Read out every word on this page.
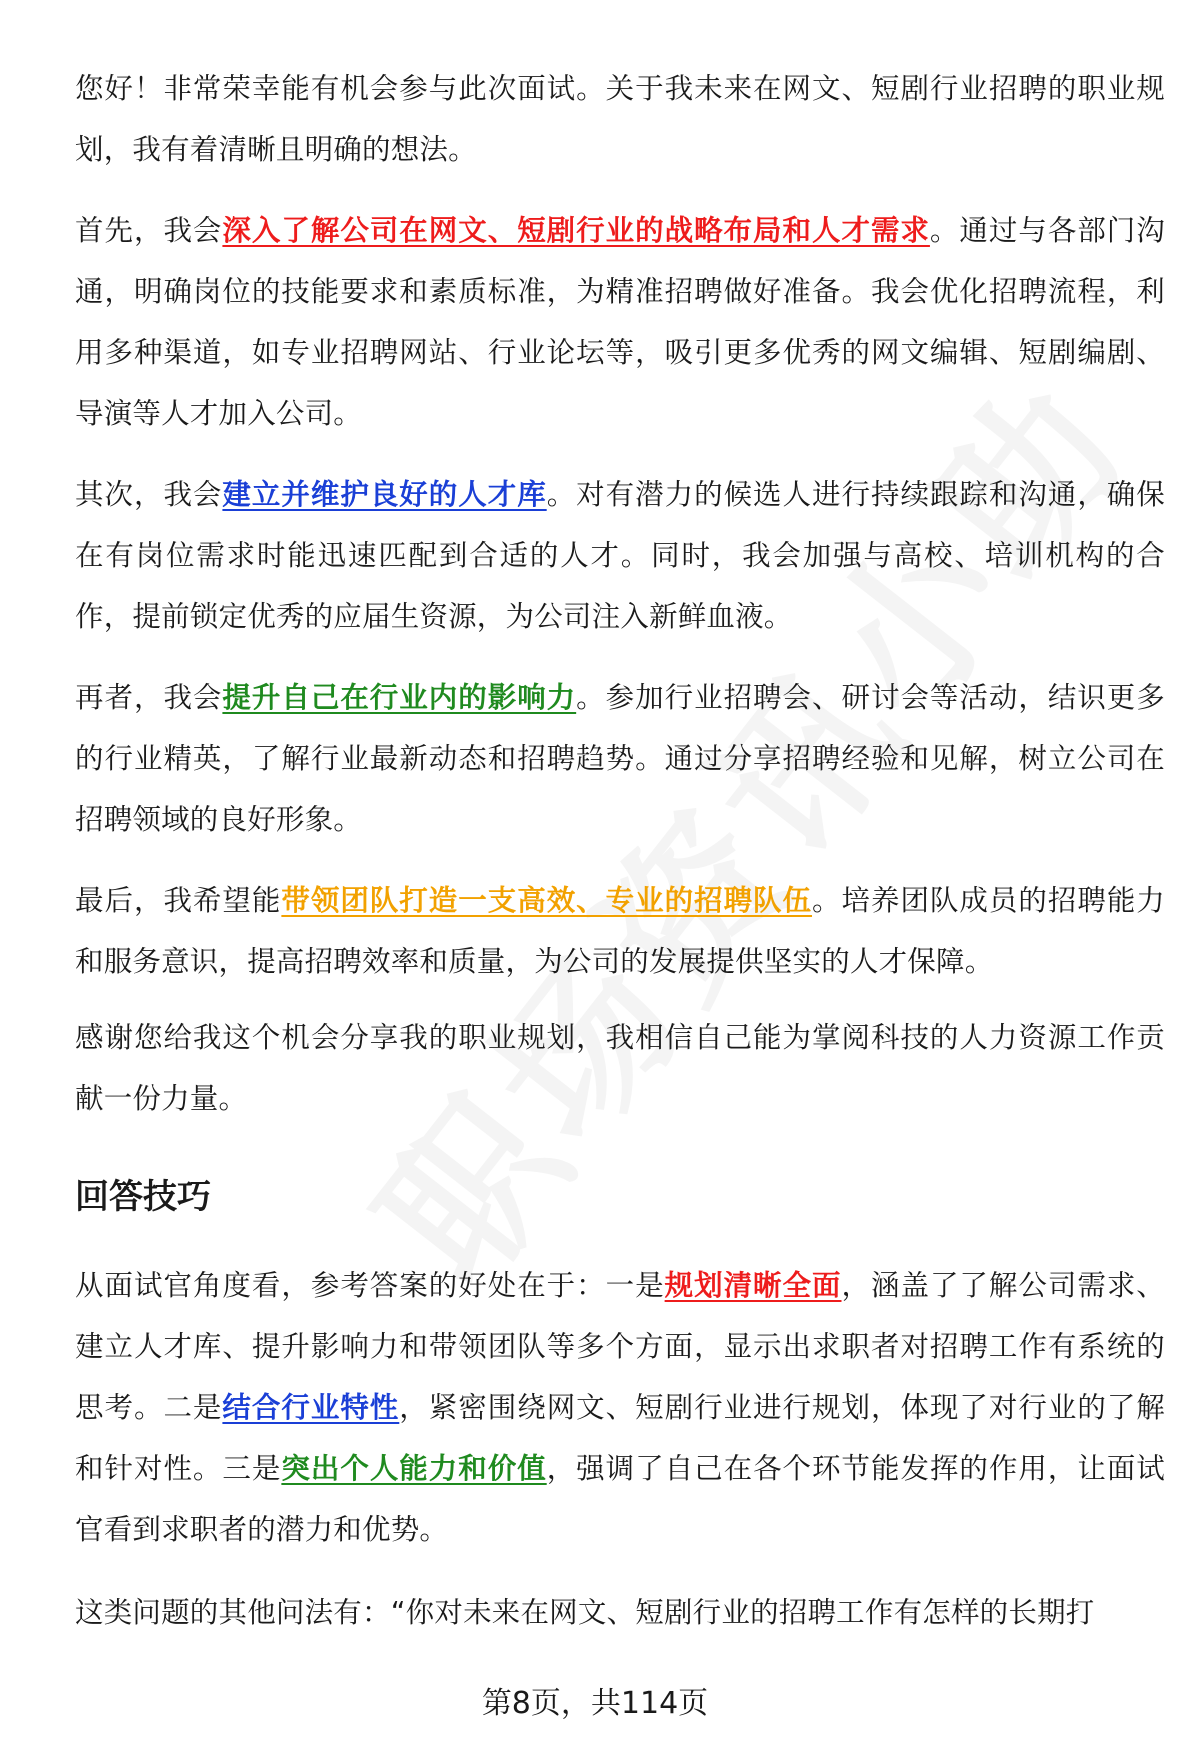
您好！非常荣幸能有机会参与此次面试。关于我未来在网文、短剧行业招聘的职业规划，我有着清晰且明确的想法。

首先，我会深入了解公司在网文、短剧行业的战略布局和人才需求。通过与各部门沟通，明确岗位的技能要求和素质标准，为精准招聘做好准备。我会优化招聘流程，利用多种渠道，如专业招聘网站、行业论坛等，吸引更多优秀的网文编辑、短剧编剧、导演等人才加入公司。

其次，我会建立并维护良好的人才库。对有潜力的候选人进行持续跟踪和沟通，确保在有岗位需求时能迅速匹配到合适的人才。同时，我会加强与高校、培训机构的合作，提前锁定优秀的应届生资源，为公司注入新鲜血液。

再者，我会提升自己在行业内的影响力。参加行业招聘会、研讨会等活动，结识更多的行业精英，了解行业最新动态和招聘趋势。通过分享招聘经验和见解，树立公司在招聘领域的良好形象。

最后，我希望能带领团队打造一支高效、专业的招聘队伍。培养团队成员的招聘能力和服务意识，提高招聘效率和质量，为公司的发展提供坚实的人才保障。

感谢您给我这个机会分享我的职业规划，我相信自己能为掌阅科技的人力资源工作贡献一份力量。

回答技巧

从面试官角度看，参考答案的好处在于：一是规划清晰全面，涵盖了了解公司需求、建立人才库、提升影响力和带领团队等多个方面，显示出求职者对招聘工作有系统的思考。二是结合行业特性，紧密围绕网文、短剧行业进行规划，体现了对行业的了解和针对性。三是突出个人能力和价值，强调了自己在各个环节能发挥的作用，让面试官看到求职者的潜力和优势。

这类问题的其他问法有：“你对未来在网文、短剧行业的招聘工作有怎样的长期打

第8页，共114页
